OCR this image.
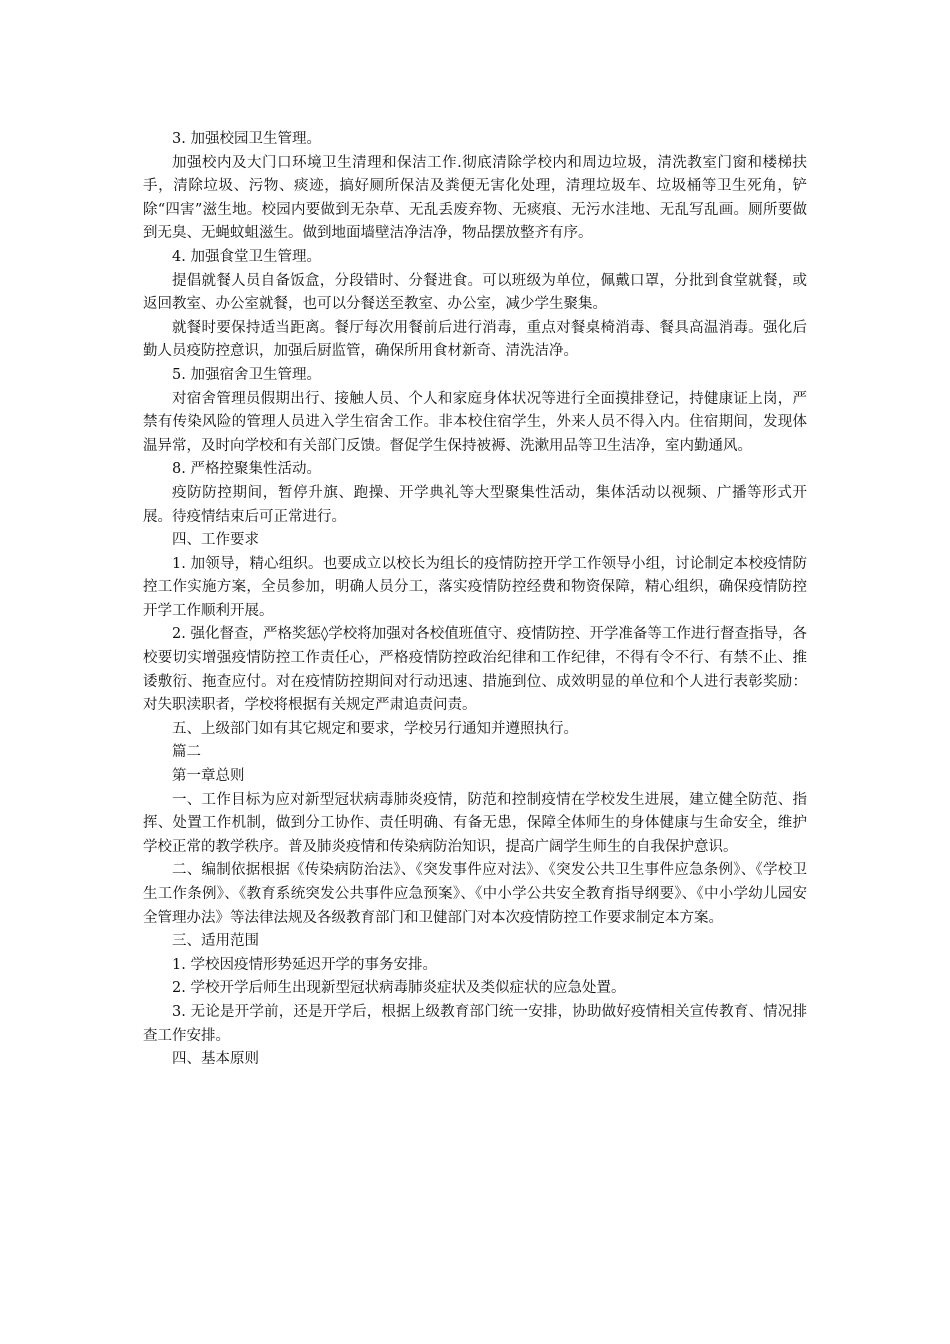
3. 加强校园卫生管理。

加强校内及大门口环境卫生清理和保洁工作.彻底清除学校内和周边垃圾，清洗教室门窗和楼梯扶手，清除垃圾、污物、痰迹，搞好厕所保洁及粪便无害化处理，清理垃圾车、垃圾桶等卫生死角，铲除“四害”滋生地。校园内要做到无杂草、无乱丢废弃物、无痰痕、无污水洼地、无乱写乱画。厕所要做到无臭、无蝇蚊蛆滋生。做到地面墙壁洁净洁净，物品摆放整齐有序。

4. 加强食堂卫生管理。

提倡就餐人员自备饭盒，分段错时、分餐进食。可以班级为单位，佩戴口罩，分批到食堂就餐，或返回教室、办公室就餐，也可以分餐送至教室、办公室，减少学生聚集。

就餐时要保持适当距离。餐厅每次用餐前后进行消毒，重点对餐桌椅消毒、餐具高温消毒。强化后勤人员疫防控意识，加强后厨监管，确保所用食材新奇、清洗洁净。

5. 加强宿舍卫生管理。

对宿舍管理员假期出行、接触人员、个人和家庭身体状况等进行全面摸排登记，持健康证上岗，严禁有传染风险的管理人员进入学生宿舍工作。非本校住宿学生，外来人员不得入内。住宿期间，发现体温异常，及时向学校和有关部门反馈。督促学生保持被褥、洗漱用品等卫生洁净，室内勤通风。

8. 严格控聚集性活动。

疫防防控期间，暂停升旗、跑操、开学典礼等大型聚集性活动，集体活动以视频、广播等形式开展。待疫情结束后可正常进行。

四、工作要求

1. 加领导，精心组织。也要成立以校长为组长的疫情防控开学工作领导小组，讨论制定本校疫情防控工作实施方案，全员参加，明确人员分工，落实疫情防控经费和物资保障，精心组织，确保疫情防控开学工作顺利开展。

2. 强化督查，严格奖惩◊学校将加强对各校值班值守、疫情防控、开学准备等工作进行督查指导，各校要切实增强疫情防控工作责任心，严格疫情防控政治纪律和工作纪律，不得有令不行、有禁不止、推诿敷衍、拖查应付。对在疫情防控期间对行动迅速、措施到位、成效明显的单位和个人进行表彰奖励：对失职渎职者，学校将根据有关规定严肃追责问责。

五、上级部门如有其它规定和要求，学校另行通知并遵照执行。

篇二

第一章总则

一、工作目标为应对新型冠状病毒肺炎疫情，防范和控制疫情在学校发生进展，建立健全防范、指挥、处置工作机制，做到分工协作、责任明确、有备无患，保障全体师生的身体健康与生命安全，维护学校正常的教学秩序。普及肺炎疫情和传染病防治知识，提高广阔学生师生的自我保护意识。

二、编制依据根据《传染病防治法》、《突发事件应对法》、《突发公共卫生事件应急条例》、《学校卫生工作条例》、《教育系统突发公共事件应急预案》、《中小学公共安全教育指导纲要》、《中小学幼儿园安全管理办法》等法律法规及各级教育部门和卫健部门对本次疫情防控工作要求制定本方案。

三、适用范围

1. 学校因疫情形势延迟开学的事务安排。

2. 学校开学后师生出现新型冠状病毒肺炎症状及类似症状的应急处置。

3. 无论是开学前，还是开学后，根据上级教育部门统一安排，协助做好疫情相关宣传教育、情况排查工作安排。

四、基本原则
